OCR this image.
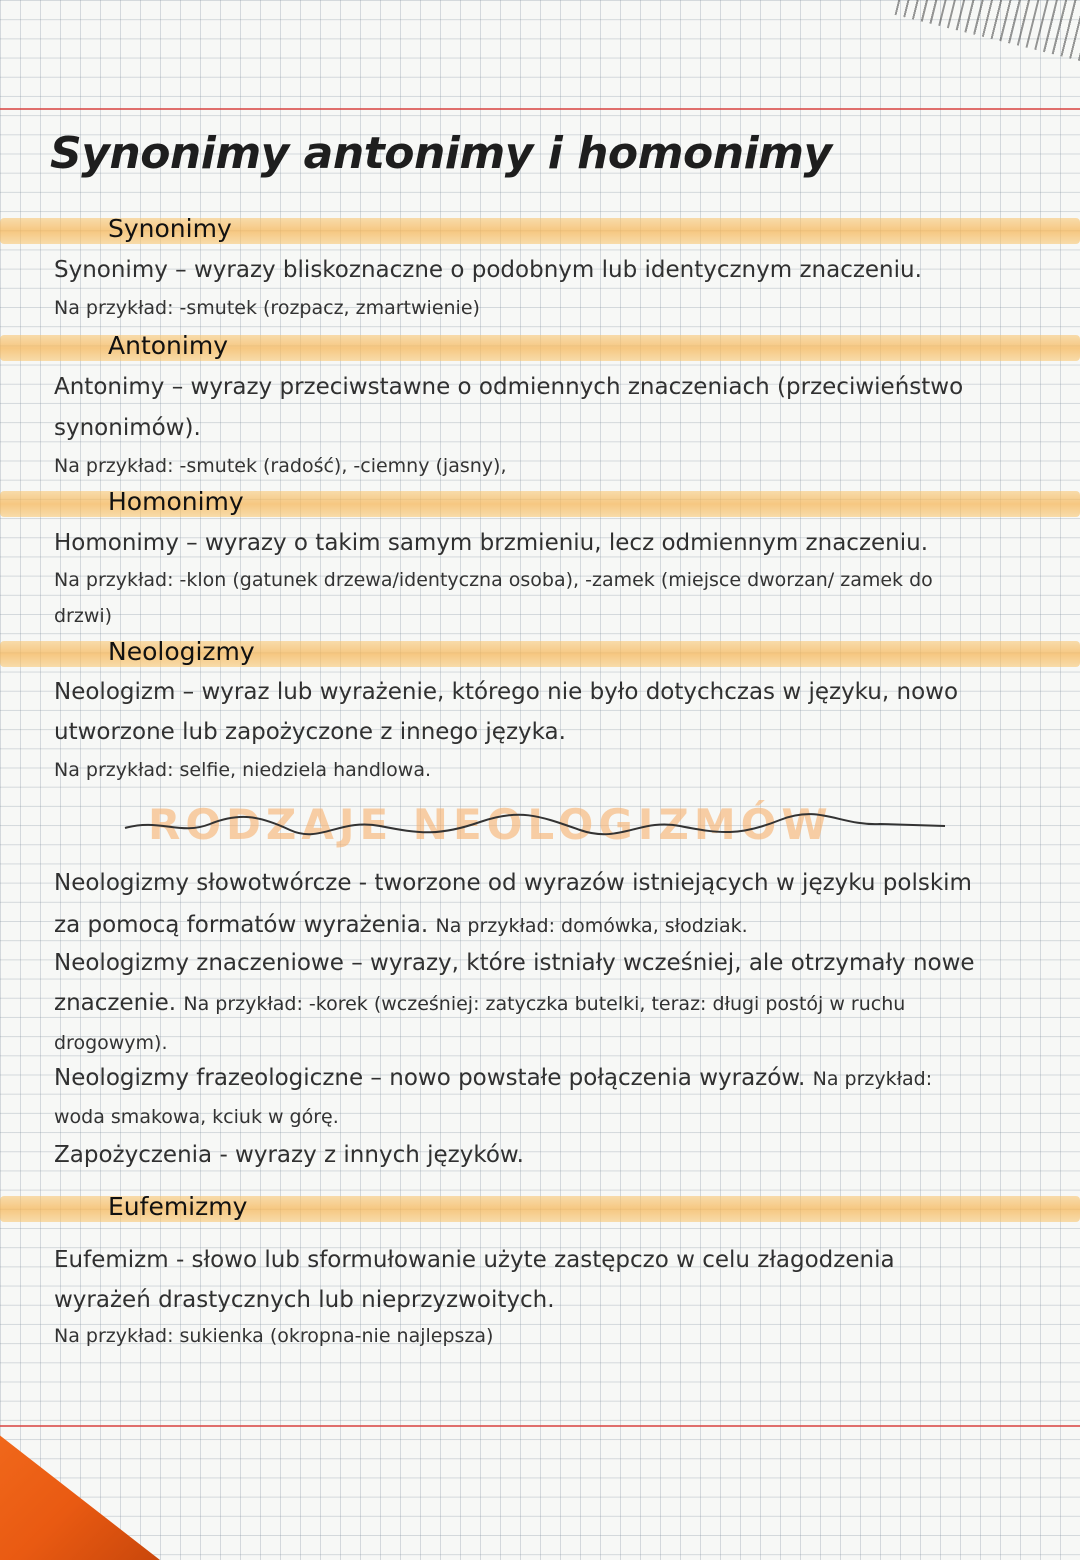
Synonimy antonimy i homonimy
Synonimy
Synonimy – wyrazy bliskoznaczne o podobnym lub identycznym znaczeniu.
Na przykład: -smutek (rozpacz, zmartwienie)
Antonimy
Antonimy – wyrazy przeciwstawne o odmiennych znaczeniach (przeciwieństwo
synonimów).
Na przykład: -smutek (radość), -ciemny (jasny),
Homonimy
Homonimy – wyrazy o takim samym brzmieniu, lecz odmiennym znaczeniu.
Na przykład: -klon (gatunek drzewa/identyczna osoba), -zamek (miejsce dworzan/ zamek do
drzwi)
Neologizmy
Neologizm – wyraz lub wyrażenie, którego nie było dotychczas w języku, nowo
utworzone lub zapożyczone z innego języka.
Na przykład: selfie, niedziela handlowa.
RODZAJE NEOLOGIZMÓW
Neologizmy słowotwórcze - tworzone od wyrazów istniejących w języku polskim
za pomocą formatów wyrażenia. Na przykład: domówka, słodziak.
Neologizmy znaczeniowe – wyrazy, które istniały wcześniej, ale otrzymały nowe
znaczenie. Na przykład: -korek (wcześniej: zatyczka butelki, teraz: długi postój w ruchu
drogowym).
Neologizmy frazeologiczne – nowo powstałe połączenia wyrazów. Na przykład:
woda smakowa, kciuk w górę.
Zapożyczenia - wyrazy z innych języków.
Eufemizmy
Eufemizm - słowo lub sformułowanie użyte zastępczo w celu złagodzenia
wyrażeń drastycznych lub nieprzyzwoitych.
Na przykład: sukienka (okropna-nie najlepsza)
